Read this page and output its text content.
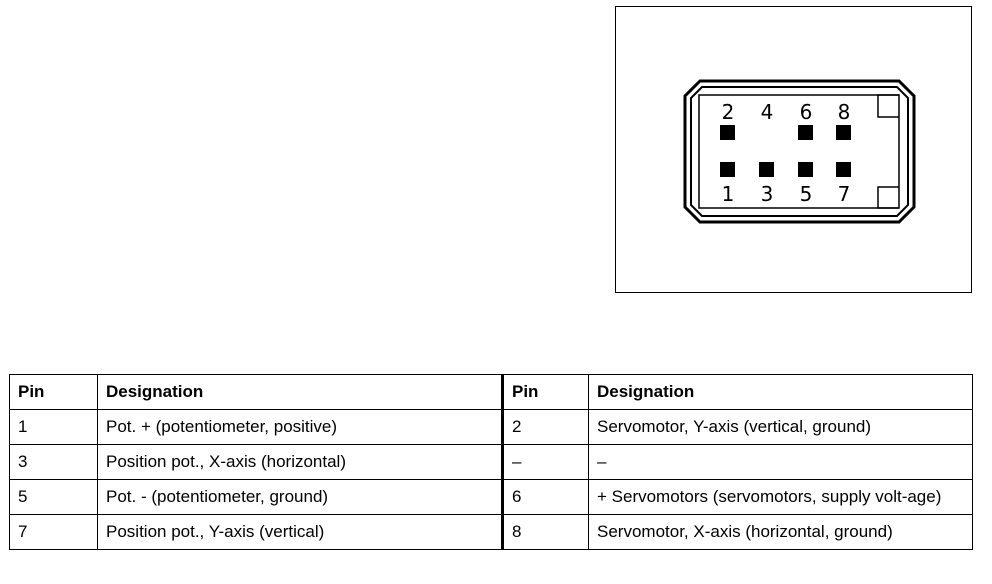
2 4 6 8
1 3 5 7
Pin	Designation	Pin	Designation
1	Pot. + (potentiometer, positive)	2	Servomotor, Y-axis (vertical, ground)
3	Position pot., X-axis (horizontal)	–	–
5	Pot. - (potentiometer, ground)	6	+ Servomotors (servomotors, supply volt-age)
7	Position pot., Y-axis (vertical)	8	Servomotor, X-axis (horizontal, ground)
